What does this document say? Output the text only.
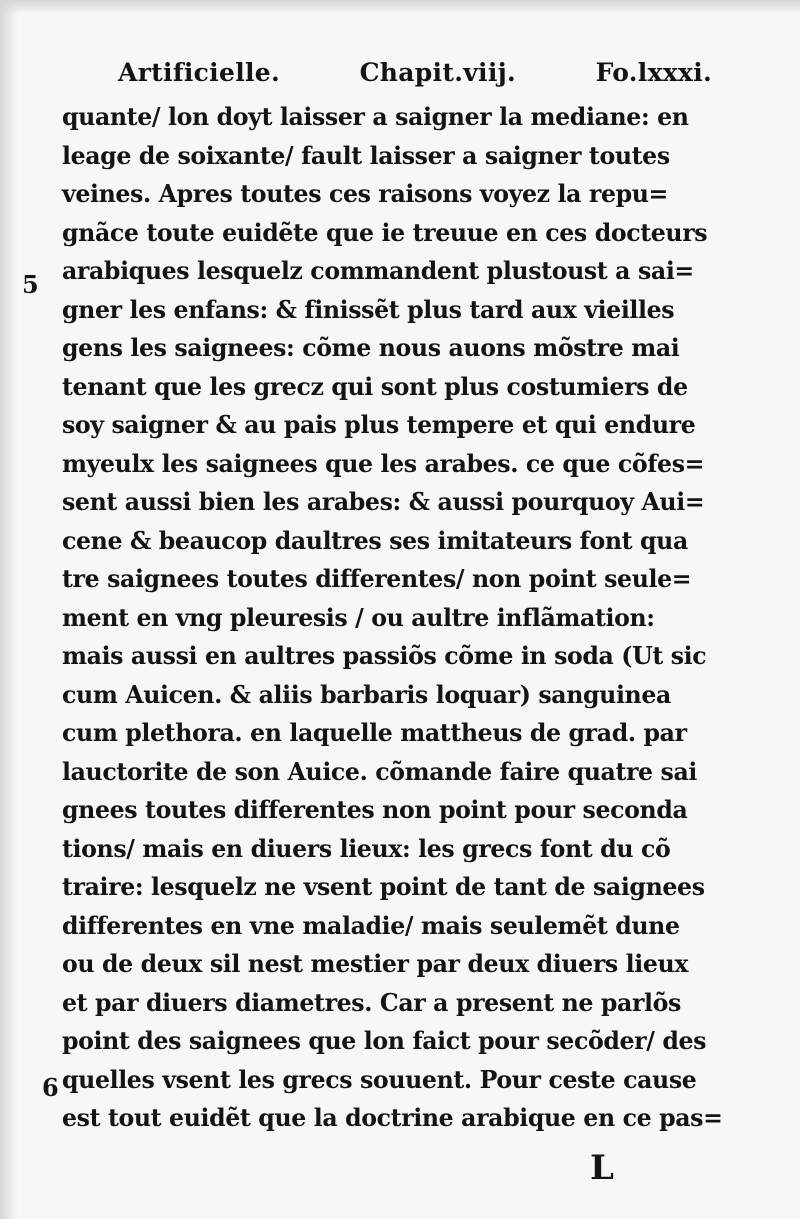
5
6
Artificielle.	Chapit.viij.	Fo.lxxxi.
quante/ lon doyt laisser a saigner la mediane: en
leage de soixante/ fault laisser a saigner toutes
veines. Apres toutes ces raisons voyez la repu=
gnãce toute euidẽte que ie treuue en ces docteurs
arabiques lesquelz commandent plustoust a sai=
gner les enfans: & finissẽt plus tard aux vieilles
gens les saignees: cõme nous auons mõstre mai
tenant que les grecz qui sont plus costumiers de
soy saigner & au pais plus tempere et qui endure
myeulx les saignees que les arabes. ce que cõfes=
sent aussi bien les arabes: & aussi pourquoy Aui=
cene & beaucop daultres ses imitateurs font qua
tre saignees toutes differentes/ non point seule=
ment en vng pleuresis / ou aultre inflãmation:
mais aussi en aultres passiõs cõme in soda (Ut sic
cum Auicen. & aliis barbaris loquar) sanguinea
cum plethora. en laquelle mattheus de grad. par
lauctorite de son Auice. cõmande faire quatre sai
gnees toutes differentes non point pour seconda
tions/ mais en diuers lieux: les grecs font du cõ
traire: lesquelz ne vsent point de tant de saignees
differentes en vne maladie/ mais seulemẽt dune
ou de deux sil nest mestier par deux diuers lieux
et par diuers diametres. Car a present ne parlõs
point des saignees que lon faict pour secõder/ des
quelles vsent les grecs souuent. Pour ceste cause
est tout euidẽt que la doctrine arabique en ce pas=
L
